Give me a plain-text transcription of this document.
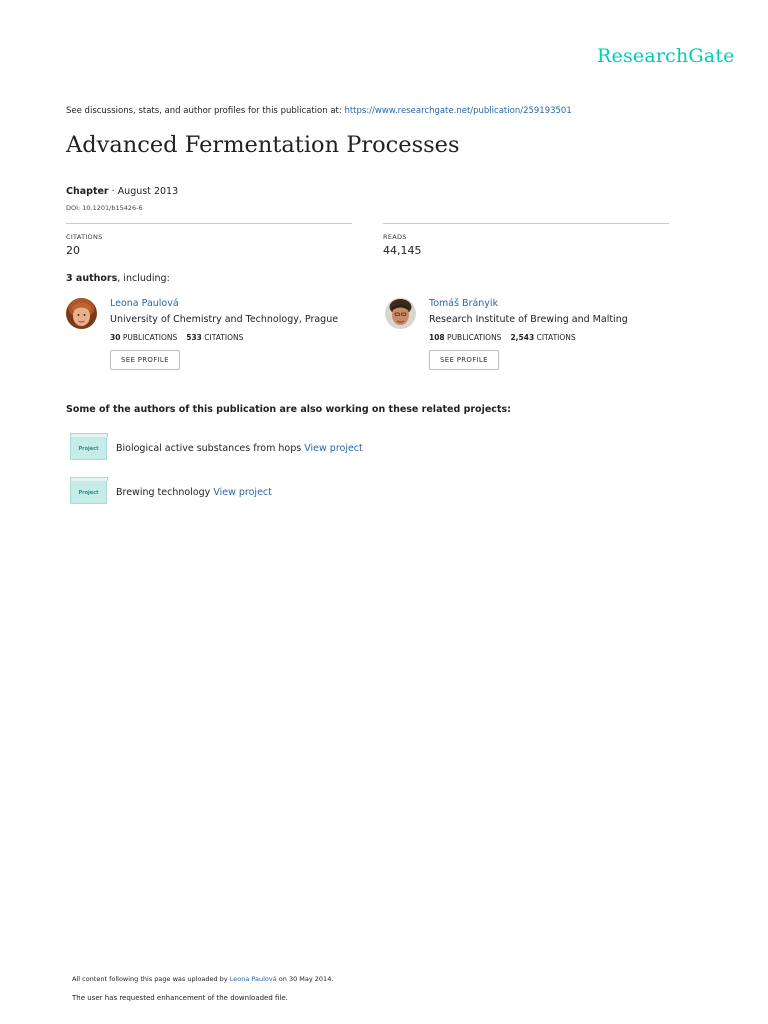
ResearchGate
See discussions, stats, and author profiles for this publication at: https://www.researchgate.net/publication/259193501
Advanced Fermentation Processes
Chapter · August 2013
DOI: 10.1201/b15426-6
CITATIONS
20
READS
44,145
3 authors, including:
Leona Paulová
University of Chemistry and Technology, Prague
30 PUBLICATIONS 533 CITATIONS
SEE PROFILE
Tomáš Brányik
Research Institute of Brewing and Malting
108 PUBLICATIONS 2,543 CITATIONS
SEE PROFILE
Some of the authors of this publication are also working on these related projects:
Project	Biological active substances from hops View project
Project	Brewing technology View project
All content following this page was uploaded by Leona Paulová on 30 May 2014.
The user has requested enhancement of the downloaded file.
